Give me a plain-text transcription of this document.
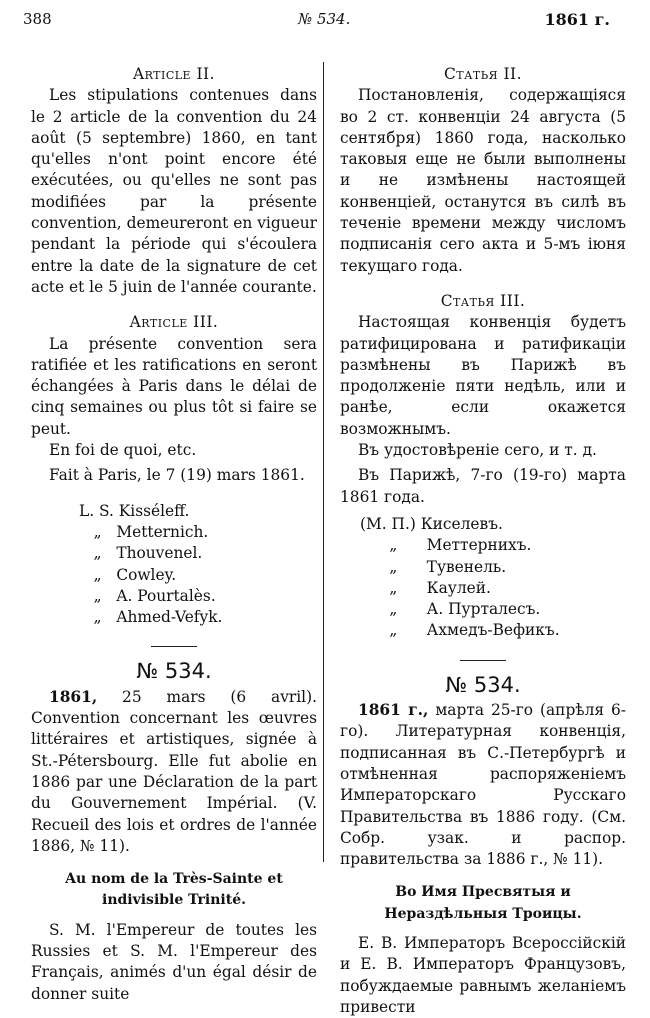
388	№ 534.	1861 г.

Article II.

Les stipulations contenues dans le 2 article de la convention du 24 août (5 septembre) 1860, en tant qu'elles n'ont point encore été exécutées, ou qu'elles ne sont pas modifiées par la présente convention, demeureront en vigueur pendant la période qui s'écoulera entre la date de la signature de cet acte et le 5 juin de l'année courante.

Article III.

La présente convention sera ratifiée et les ratifications en seront échangées à Paris dans le délai de cinq semaines ou plus tôt si faire se peut.

En foi de quoi, etc.

Fait à Paris, le 7 (19) mars 1861.

L. S. Kisséleff.
„   Metternich.
„   Thouvenel.
„   Cowley.
„   A. Pourtalès.
„   Ahmed-Vefyk.

№ 534.

1861, 25 mars (6 avril). Convention concernant les œuvres littéraires et artistiques, signée à St.-Pétersbourg. Elle fut abolie en 1886 par une Déclaration de la part du Gouvernement Impérial. (V. Recueil des lois et ordres de l'année 1886, № 11).

Au nom de la Très-Sainte et indivisible Trinité.

S. M. l'Empereur de toutes les Russies et S. M. l'Empereur des Français, animés d'un égal désir de donner suite

Статья II.

Постановленія, содержащіяся во 2 ст. конвенціи 24 августа (5 сентября) 1860 года, насколько таковыя еще не были выполнены и не измѣнены настоящей конвенціей, останутся въ силѣ въ теченіе времени между числомъ подписанія сего акта и 5-мъ іюня текущаго года.

Статья III.

Настоящая конвенція будетъ ратифицирована и ратификаціи размѣнены въ Парижѣ въ продолженіе пяти недѣль, или и ранѣе, если окажется возможнымъ.

Въ удостовѣреніе сего, и т. д.

Въ Парижѣ, 7-го (19-го) марта 1861 года.

(М. П.) Киселевъ.
„      Меттернихъ.
„      Тувенель.
„      Каулей.
„      А. Пурталесъ.
„      Ахмедъ-Вефикъ.

№ 534.

1861 г., марта 25-го (апрѣля 6-го). Литературная конвенція, подписанная въ С.-Петербургѣ и отмѣненная распоряженіемъ Императорскаго Русскаго Правительства въ 1886 году. (См. Собр. узак. и распор. правительства за 1886 г., № 11).

Во Имя Пресвятыя и Нераздѣльныя Троицы.

Е. В. Императоръ Всероссійскій и Е. В. Императоръ Французовъ, побуждаемые равнымъ желаніемъ привести
